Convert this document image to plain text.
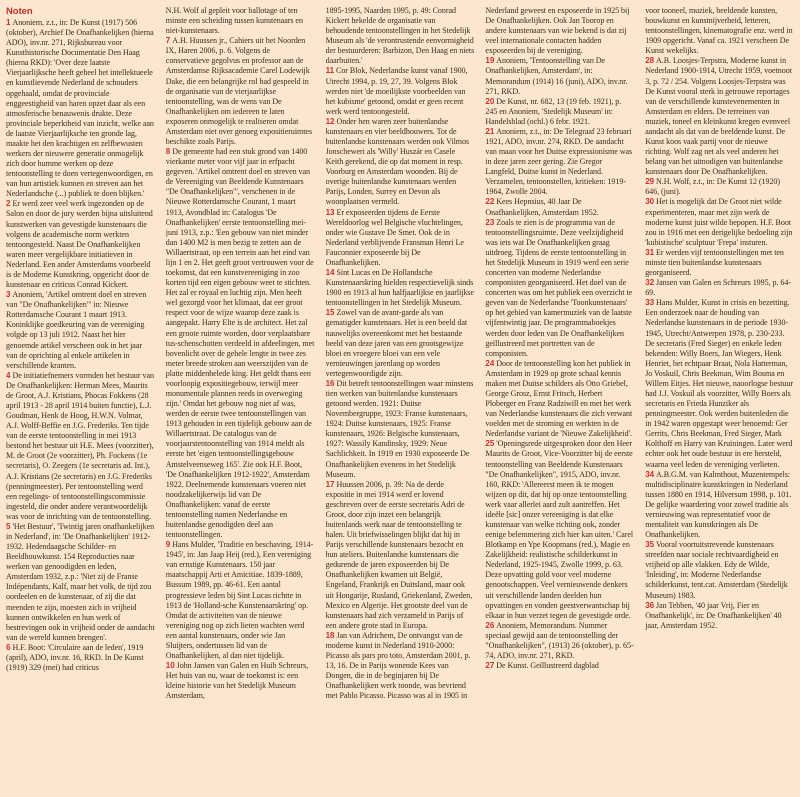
Noten

1 Anoniem, z.t., in: De Kunst (1917) 506 (oktober), Archief De Onafhankelijken (hierna ADO), inv.nr. 271, Rijksbureau voor Kunsthistorische Documentatie Den Haag (hierna RKD): 'Over deze laatste Vierjaarlijksche heeft geheel het intellektueele en kunstlievende Nederland de schouders opgehaald, omdat de provinciale enggeestigheid van haren opzet daar als een atmosferische benauwenis drukte. Deze provinciale beperktheid van inzicht, welke aan de laatste Vierjaarlijksche ten gronde lag, maakte het den krachtigen en zelfbewusten werkers der nieuwere generatie onmogelijk zich door humme werken op deze tentoonstelling te doen vertegenwoordigen, en van hun artistiek kunnen en streven aan het Nederlandsche (...) publiek te doen blijken.'

2 Er werd zeer veel werk ingezonden op de Salon en door de jury werden bijna uitsluitend kunstwerken van gevestigde kunstenaars die volgens de academische norm werkten tentoongesteld. Naast De Onafhankelijken waren meer vergelijkbare initiatieven in Nederland. Een ander Amsterdams voorbeeld is de Moderne Kunstkring, opgericht door de kunstenaar en criticus Conrad Kickert.

3 Anoniem, 'Artikel omtrent doel en streven van "De Onafhankelijken"' in: Nieuwe Rotterdamsche Courant 1 maart 1913. Koninklijke goedkeuring van de vereniging volgde op 13 juli 1912. Naast het hier genoemde artikel verscheen ook in het jaar van de oprichting al enkele artikelen in verschillende kranten.

4 De initiatiefnemers vormden het bestuur van De Onafhankelijken: Herman Mees, Maurits de Groot, A.J. Kristians, Phocas Fokkens (28 april 1913 - 28 april 1914 buiten functie), L.J. Goudman, Henk de Hoog, H.W.N. Volmar, A.J. Wolff-Beffie en J.G. Frederiks. Ten tijde van de eerste tentoonstelling in mei 1913 bestond het bestuur uit H.E. Mees (voorzitter), M. de Groot (2e voorzitter), Ph. Fockens (1e secretaris), O. Zeegers (1e secretaris ad. Int.), A.J. Kristians (2e secretaris) en J.G. Frederiks (penningmeester). Per tentoonstelling werd een regelings- of tentoonstellingscommissie ingesteld, die onder andere verantwoordelijk was voor de inrichting van de tentoonstelling.

5 'Het Bestuur', 'Twintig jaren onafhankelijken in Nederland', in: 'De Onafhankelijken' 1912-1932. Hedendaagsche Schilder- en Beeldhouwkunst. 154 Reproducties naar werken van genoodigden en leden, Amsterdam 1932, z.p.: 'Niet zij de Franse Indépendants, Kalf, maar het volk, de tijd zou oordeelen en de kunstenaar, of zij die dat meenden te zijn, moesten zich in vrijheid kunnen ontwikkelen en hun werk of bestrevingen ook in vrijheid onder de aandacht van de wereld kunnen brengen'.

6 H.F. Boot: 'Circulaire aan de leden', 1919 (april), ADO, inv.nr. 16, RKD. In De Kunst (1919) 329 (mei) had criticus

N.H. Wolf al gepleit voor ballotage of ten minste een scheiding tussen kunstenaars en niet-kunstenaars.

7 A.H. Huussen jr., Cahiers uit het Noorden IX, Haren 2006, p. 6. Volgens de conservatieve gegolvus en professor aan de Amsterdamse Rijksacademie Carel Lodewijk Dake, die een belangrijke rol had gespeeld in de organisatie van de vierjaarlijkse tentoonstelling, was de wens van De Onafhankelijken om iedereen te laten exposeren onmogelijk te realiseren omdat Amsterdam niet over genoeg expositieruimtes beschikte zoals Parijs.

8 De gemeente had een stuk grond van 1400 vierkante meter voor vijf jaar in erfpacht gegeven. 'Artikel omtrent doel en streven van de Vereeniging van Beeldende Kunstenaars "De Onafhankelijken"', verschenen in de Nieuwe Rotterdamsche Courant, 1 maart 1913, Avondblad in: Catalogus 'De Onafhankelijken' eerste tentoonstelling mei-juni 1913, z.p.: 'Een gebouw van niet minder dan 1400 M2 is men bezig te zetten aan de Willaertstraat, op een terrein aan het eind van lijn 1 en 2. Het geeft groot vertrouwen voor de toekomst, dat een kunstvereeniging in zoo korten tijd een eigen gebouw weet te stichten. Het zal er royaal en luchtig zijn. Men heeft wel gezorgd voor het klimaat, dat eer groot respect voor de wijze waarop deze zaak is aangepakt. Harry Elte is de architect. Het zal een groote ruimte worden, door verplaatsbare tus-schenschotten verdeeld in afdeelingen, met bovenlicht over de gehele lengte in twee zes meter breede stroken aan weerszijden van de platte middenhelede king. Het geldt thans een voorloopig expositiegebouw, terwijl meer monumentale plannen reeds in overweging zijn.' Omdat het gebouw nog niet af was, werden de eerste twee tentoonstellingen van 1913 gehouden in een tijdelijk gebouw aan de Willaertstraat. De catalogus van de voorjaarstentoonstelling van 1914 meldt als eerste het 'eigen tentoonstellingsgebouw Amstelveenseweg 165'. Zie ook H.F. Boot, 'De Onafhankelijken 1912-1922', Amsterdam 1922. Deelnemende kunstenaars voeren niet noodzakelijkerwijs lid van De Onafhankelijken: vanaf de eerste tentoonstelling namen Nederlandse en buitenlandse genodigden deel aan tentoonstellingen.

9 Hans Mulder, 'Traditie en beschaving, 1914-1945', in: Jan Jaap Heij (red.), Een vereniging van ernstige Kunstenaars. 150 jaar maatschappij Arti et Amicitiae. 1839-1889, Bussum 1989, pp. 46-61. Een aantal progressieve leden bij Sint Lucas richtte in 1913 de 'Holland-sche Kunstenaarskring' op. Omdat de activiteiten van de nieuwe vereniging nog op zich lieten wachten werd een aantal kunstenaars, onder wie Jan Sluijters, ondertussen lid van de Onafhankelijken, al dan niet tijdelijk.

10 John Jansen van Galen en Huib Schreurs, Het huis van nu, waar de toekomst is: een kleine historie van het Stedelijk Museum Amsterdam,

1895-1995, Naarden 1995, p. 49: Conrad Kickert hekelde de organisatie van behoudende tentoonstellingen in het Stedelijk Museum als 'de verontrustende eenvormigheid der bestuurderen: Barbizon, Den Haag en niets daarbuiten.'

11 Cor Blok, Nederlandse kunst vanaf 1900, Utrecht 1994, p. 19, 27, 39. Volgens Blok werden niet 'de moeilijkste voorbeelden van het kubisme' getoond, omdat er geen recent werk werd tentoongesteld.

12 Onder hen waren zeer buitenlandse kunstenaars en vier beeldhouwers. Tot de buitenlandse kunstenaars werden ook Vilmos Jonscheweri als 'Willy' Huszár en Casele Keith gerekend, die op dat moment in resp. Voorburg en Amsterdam woonden. Bij de overige buitenlandse kunstenaars werden Parijs, Londen, Surrey en Devon als woonplaatsen vermeld.

13 Er exposeerden tijdens de Eerste Wereldoorlog wel Belgische vluchtelingen, onder wie Gustave De Smet. Ook de in Nederland verblijvende Fransman Henri Le Fauconnier exposeerde bij De Onafhankelijken.

14 Sint Lucas en De Hollandsche Kunstenaarskring hielden respectievelijk sinds 1900 en 1913 al hun halfjaarlijkse en jaarlijkse tentoonstellingen in het Stedelijk Museum.

15 Zowel van de avant-garde als van gematigder kunstenaars. Het is een beeld dat nauwelijks overeenkomt met het bestaande beeld van deze jaren van een grootsgewijze bloei en vroegere bloei van een vele vernieuwingen jarenlang op worden vertegenwoordigde zijn.

16 Dit betreft tentoonstellingen waar minstens tien werken van buitenlandse kunstenaars getoond werden. 1921: Duitse Novembergruppe, 1923: Franse kunstenaars, 1924: Duitse kunstenaars, 1925: Franse kunstenaars, 1926: Belgische kunstenaars, 1927: Wassily Kandinsky, 1929: Neue Sachlichkeit. In 1919 en 1930 exposeerde De Onafhankelijken evenens in het Stedelijk Museum.

17 Huussen 2006, p. 39: Na de derde expositie in mei 1914 werd er lovend geschreven over de eerste secretaris Adri de Groot, door zijn inzet een belangrijk buitenlands werk naar de tentoonstelling te halen. Uit briefwisselingen blijkt dat hij in Parijs verschillende kunstenaars bezocht en hun ateliers. Buitenlandse kunstenaars die gedurende de jaren exposeerden bij De Onafhankelijken kwamen uit België, Engeland, Frankrijk en Duitsland, maar ook uit Hongarije, Rusland, Griekenland, Zweden, Mexico en Algerije. Het grootste deel van de kunstenaars had zich verzameld in Parijs of een andere grote stad in Europa.

18 Jan van Adrichem, De ontvangst van de moderne kunst in Nederland 1910-2000: Picasso als pars pro toto, Amsterdam 2001, p. 13, 16. De in Parijs wonende Kees van Dongen, die in de beginjaren bij De Onafhankelijken werk toonde, was bevriend met Pablo Picasso. Picasso was al in 1905 in

Nederland geweest en exposeerde in 1925 bij De Onafhankelijken. Ook Jan Toorop en andere kunstenaars van wie bekend is dat zij veel internationale contacten hadden exposeerden bij de vereniging.

19 Anoniem, 'Tentoonstelling van De Onafhankelijken, Amsterdam', in: Memorandum (1914) 16 (juni), ADO, inv.nr. 271, RKD.

20 De Kunst, nr. 682, 13 (19 feb. 1921), p. 245 en Anoniem, 'Stedelijk Museum' in: Handelsblad (ochl.) 6 febr. 1921.

21 Anoniem, z.t., in: De Telegraaf 23 februari 1921, ADO, inv.nr. 274, RKD. De aandacht van maan voor het Duitse expressionisme was in deze jaren zeer gering. Zie Gregor Langfeld, Duitse kunst in Nederland. Verzamelen, tentoonstellen, kritieken: 1919-1964, Zwolle 2004.

22 Kees Hepnsius, 40 Jaar De Onafhankelijken, Amsterdam 1952.

23 Zoals te zien is de programma van de tentoonstellingsruimte. Deze veelzijdigheid was iets wat De Onafhankelijken graag uitdroeg. Tijdens de eerste tentoonstelling in het Stedelijk Museum in 1919 werd een serie concerten van moderne Nederlandse componisten georganiseerd. Het doel van de concerten was om het publiek een overzicht te geven van de Nederlandse 'Toonkunstenaars' op het gebied van kamermuziek van de laatste vijfentwintig jaar. De programmaboekjes werden door leden van De Onafhankelijken geïllustreerd met portretten van de componisten.

24 Door de tentoonstelling kon het publiek in Amsterdam in 1929 op grote schaal kennis maken met Duitse schilders als Otto Griebel, George Grosz, Ernst Fritsch, Herbert Ploberger en Franz Radziwill en met het werk van Nederlandse kunstenaars die zich verwant voelden met de stroming en werkten in de Nederlandse variant de 'Nieuwe Zakelijkheid'.

25 'Openingsrede uitgesproken door den Heer Maurits de Groot, Vice-Voorzitter bij de eerste tentoonstelling van Beeldende Kunstenaars "De Onafhankelijken", 1915, ADO, inv.nr. 160, RKD: 'Allereerst meen ik te mogen wijzen op dit, dat hij op onze tentoonstelling werk vaar allerlei aard zult aantreffen. Het ideële [sic] onzer vereeniging is dat elke kunstenaar van welke richting ook, zonder eenige belemmering zich hier kan uiten.' Carel Blotkamp en Ype Koopmans (red.), Magie en Zakelijkheid: realistische schilderkunst in Nederland, 1925-1945, Zwolle 1999, p. 63. Deze opvatting gold voor veel moderne genootschappen. Veel vernieuwende denkers uit verschillende landen deelden hun opvattingen en vonden geestverwantschap bij elkaar in hun verzet tegen de gevestigde orde.

26 Anoniem, Memorandum. Nummer speciaal gewijd aan de tentoonstelling der "Onafhankelijken", (1913) 26 (oktober), p. 65-74, ADO, inv.nr. 271, RKD.

27 De Kunst. Geïllustreerd dagblad

voor tooneel, muziek, beeldende kunsten, bouwkunst en kunstnijverheid, letteren, tentoonstellingen, kinematografie enz. werd in 1909 opgericht. Vanaf ca. 1921 verscheen De Kunst wekelijks.

28 A.B. Loosjes-Terpstra, Moderne kunst in Nederland 1900-1914, Utrecht 1959, voetnoot 3, p. 72 / 254. Volgens Loosjes-Terpstra was De Kunst vooral sterk in getrouwe reportages van de verschillende kunstevenementen in Amsterdam en elders. De terreinen van muziek, toneel en kleinkunst kregen evenveel aandacht als dat van de beeldende kunst. De Kunst koos vaak partij voor de nieuwe richting. Wolf zag net als veel anderen het belang van het uitnodigen van buitenlandse kunstenaars door De Onafhankelijken.

29 N.H. Wolf, z.t., in: De Kunst 12 (1920) 646, (juni).

30 Het is mogelijk dat De Groot niet wilde experimenteren, maar met zijn werk de moderne kunst juist wilde bepopen. H.F. Boot zou in 1916 met een derigelijke bedoeling zijn 'kubistische' sculptuur 'Frepa' insturen.

31 Er werden vijf tentoonstellingen met ten minste tien buitenlandse kunstenaars georganiseerd.

32 Jansen van Galen en Schreurs 1995, p. 64-69.

33 Hans Mulder, Kunst in crisis en bezetting. Een onderzoek naar de houding van Nederlandse kunstenaars in de periode 1930-1945, Utrecht/Antwerpen 1978, p. 230-233. De secretaris (Fred Sieger) en enkele leden bekenden: Willy Boers, Jan Wiegers, Henk Henriet, het echtpaar Braat, Nola Hatterman, Jo Voskuil, Chris Beekman, Wim Bosma en Willem Eitjes. Het nieuwe, naoorlogse bestuur had J.J. Voskuil als voorzitter, Willy Boers als secretaris en Frieda Hunziker als penningmeester. Ook werden buitenleden die in 1942 waren opgestapt weer benoemd: Ger Gerrits, Chris Beekman, Fred Sieger, Mark Kolthoff en Harry van Kruiningen. Later werd echter ook het oude bestuur in ere hersteld, waarna veel leden de vereniging verlieten.

34 A.B.G.M. van Kalmthout, Muzentempels: multidisciplinaire kunstkringen in Nederland tussen 1880 en 1914, Hilversum 1998, p. 101. De gelijke waardering voor zowel traditie als vernieuwing was representatief voor de mentaliteit van kunstkringen als De Onafhankelijken.

35 Vooral voortuitstrevende kunstenaars streefden naar sociale rechtvaardigheid en vrijheid op alle vlakken. Edy de Wilde, 'Inleiding', in: Moderne Nederlandse schilderkunst, tent.cat. Amsterdam (Stedelijk Museum) 1983.

36 Jan Tebben, '40 jaar Vrij, Fier en Onafhankelijk', in: De Onafhankelijken' 40 jaar, Amsterdam 1952.
